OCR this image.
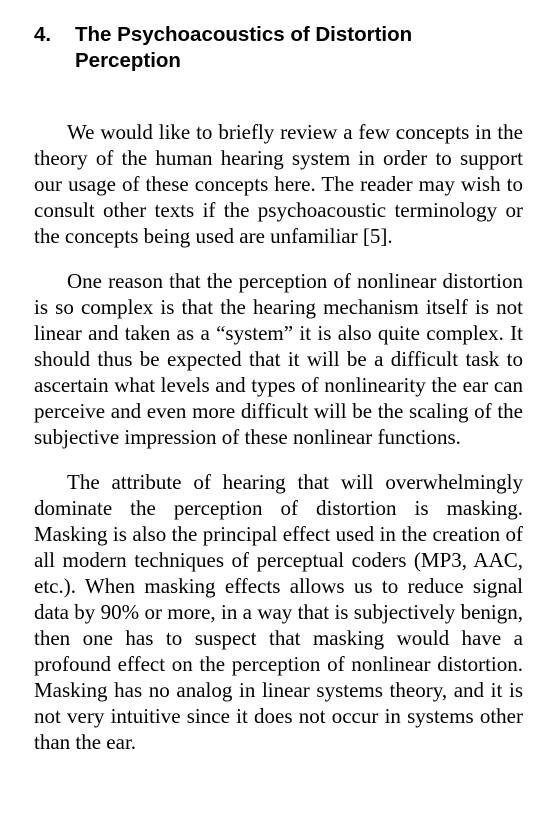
4.	The Psychoacoustics of Distortion Perception

We would like to briefly review a few concepts in the theory of the human hearing system in order to support our usage of these concepts here. The reader may wish to consult other texts if the psychoacoustic terminology or the concepts being used are unfamiliar [5].

One reason that the perception of nonlinear distortion is so complex is that the hearing mechanism itself is not linear and taken as a “system” it is also quite complex. It should thus be expected that it will be a difficult task to ascertain what levels and types of nonlinearity the ear can perceive and even more difficult will be the scaling of the subjective impression of these nonlinear functions.

The attribute of hearing that will overwhelmingly dominate the perception of distortion is masking. Masking is also the principal effect used in the creation of all modern techniques of perceptual coders (MP3, AAC, etc.). When masking effects allows us to reduce signal data by 90% or more, in a way that is subjectively benign, then one has to suspect that masking would have a profound effect on the perception of nonlinear distortion. Masking has no analog in linear systems theory, and it is not very intuitive since it does not occur in systems other than the ear.
